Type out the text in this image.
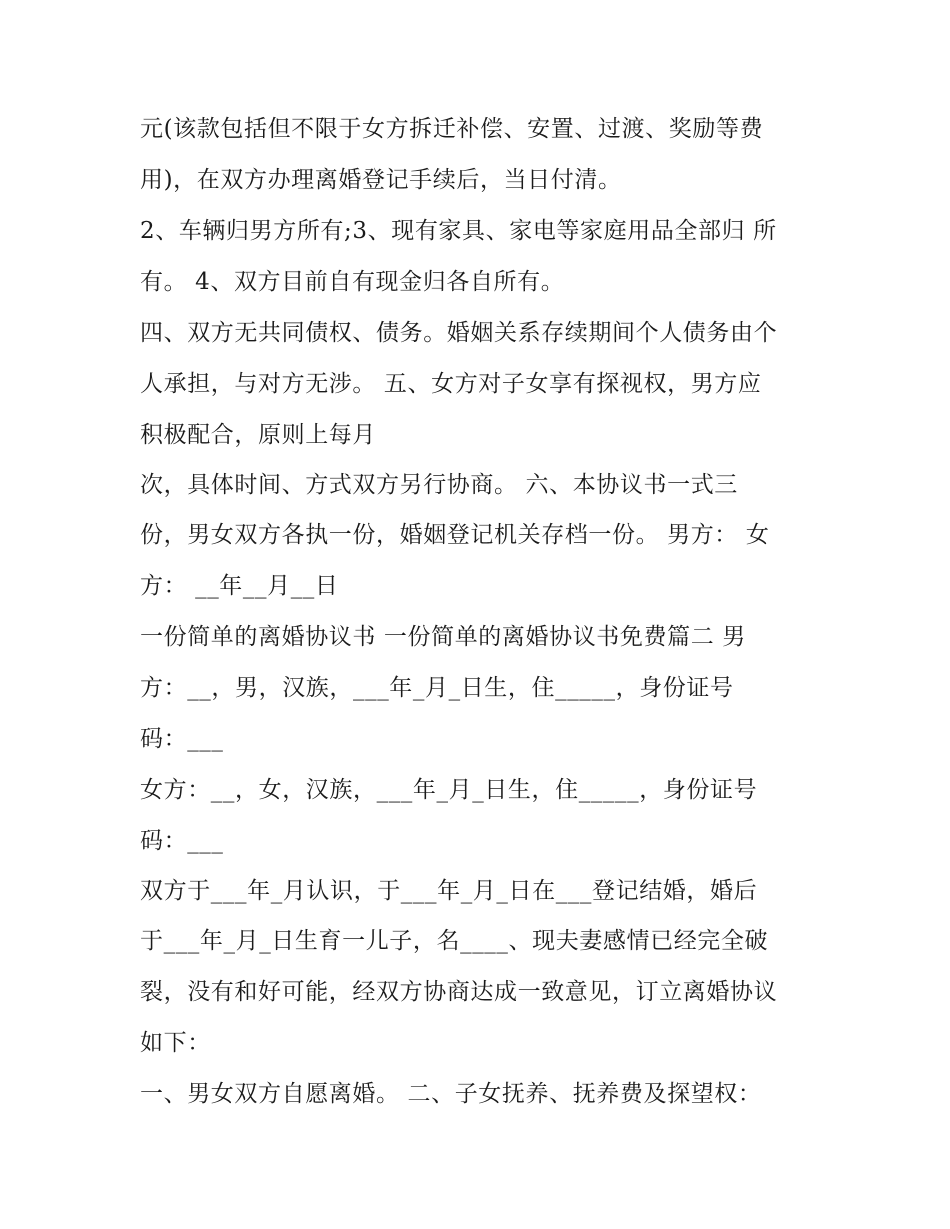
元(该款包括但不限于女方拆迁补偿、安置、过渡、奖励等费
用)，在双方办理离婚登记手续后，当日付清。
2、车辆归男方所有;3、现有家具、家电等家庭用品全部归 所
有。 4、双方目前自有现金归各自所有。
四、双方无共同债权、债务。婚姻关系存续期间个人债务由个
人承担，与对方无涉。 五、女方对子女享有探视权，男方应
积极配合，原则上每月
次，具体时间、方式双方另行协商。 六、本协议书一式三
份，男女双方各执一份，婚姻登记机关存档一份。 男方： 女
方： __年__月__日
一份简单的离婚协议书 一份简单的离婚协议书免费篇二 男
方：__，男，汉族，___年_月_日生，住_____，身份证号
码：___
女方：__，女，汉族，___年_月_日生，住_____，身份证号
码：___
双方于___年_月认识，于___年_月_日在___登记结婚，婚后
于___年_月_日生育一儿子，名____、现夫妻感情已经完全破
裂，没有和好可能，经双方协商达成一致意见，订立离婚协议
如下：
一、男女双方自愿离婚。 二、子女抚养、抚养费及探望权：
